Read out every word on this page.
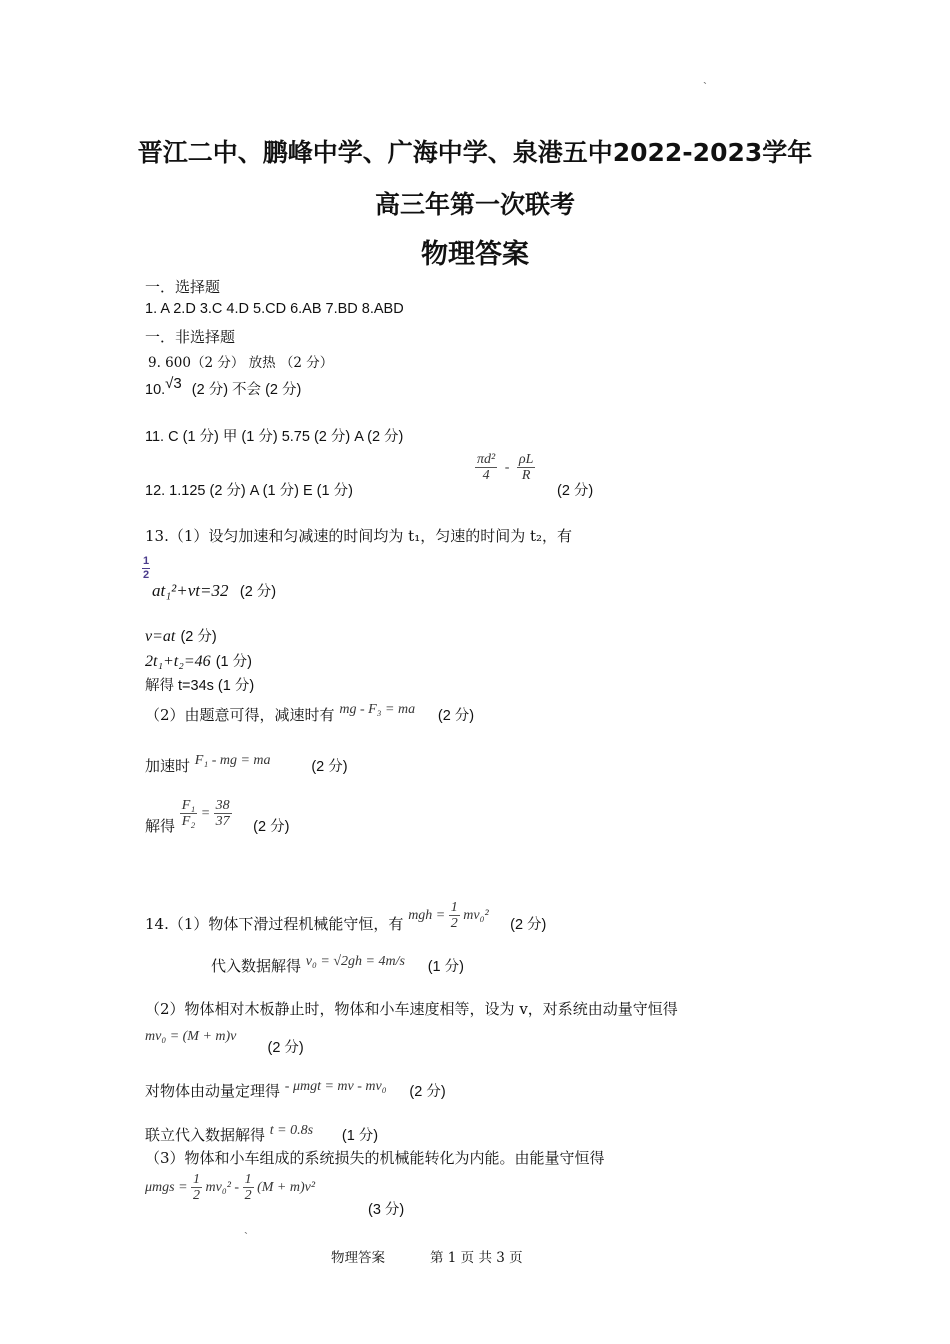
˴
晋江二中、鹏峰中学、广海中学、泉港五中2022-2023学年
高三年第一次联考
物理答案
一．选择题
1. A 2.D 3.C 4.D 5.CD 6.AB 7.BD 8.ABD
一．非选择题
9. 600（2 分） 放热 （2 分）
10.√3 (2 分) 不会 (2 分)
11. C (1 分) 甲 (1 分) 5.75 (2 分) A (2 分)
12. 1.125 (2 分) A (1 分) E (1 分)
$\frac{\text{πd²}}{4} - \frac{\rho L}{R}$
(2 分)
13.（1）设匀加速和匀减速的时间均为 t₁，匀速的时间为 t₂，有
1
2
at₁²+vt=32 (2 分)
v=at (2 分)
2t₁+t₂=46 (1 分)
解得 t=34s (1 分)
（2）由题意可得，减速时有 mg - F₃ = ma (2 分)
加速时 F₁ - mg = ma	(2 分)
解得 $\frac{\text{F₁}}{\text{F₂}} = \frac{38}{37} (2$ 分)
14.（1）物体下滑过程机械能守恒，有 mgh = $\frac{1}{2} mv_0^2$ (2 分)
代入数据解得 v₀ = √2gh = 4m/s (1 分)
（2）物体相对木板静止时，物体和小车速度相等，设为 v，对系统由动量守恒得
mv₀ = (M + m)v (2 分)
对物体由动量定理得 - μmgt = mv - mv₀ (2 分)
联立代入数据解得 t = 0.8s (1 分)
（3）物体和小车组成的系统损失的机械能转化为内能。由能量守恒得
$\mu mgs = \frac{1}{2} mv_0^2 - \frac{1}{2} (M + m)v^2$
(3 分)
˴
物理答案	第 1 页 共 3 页
